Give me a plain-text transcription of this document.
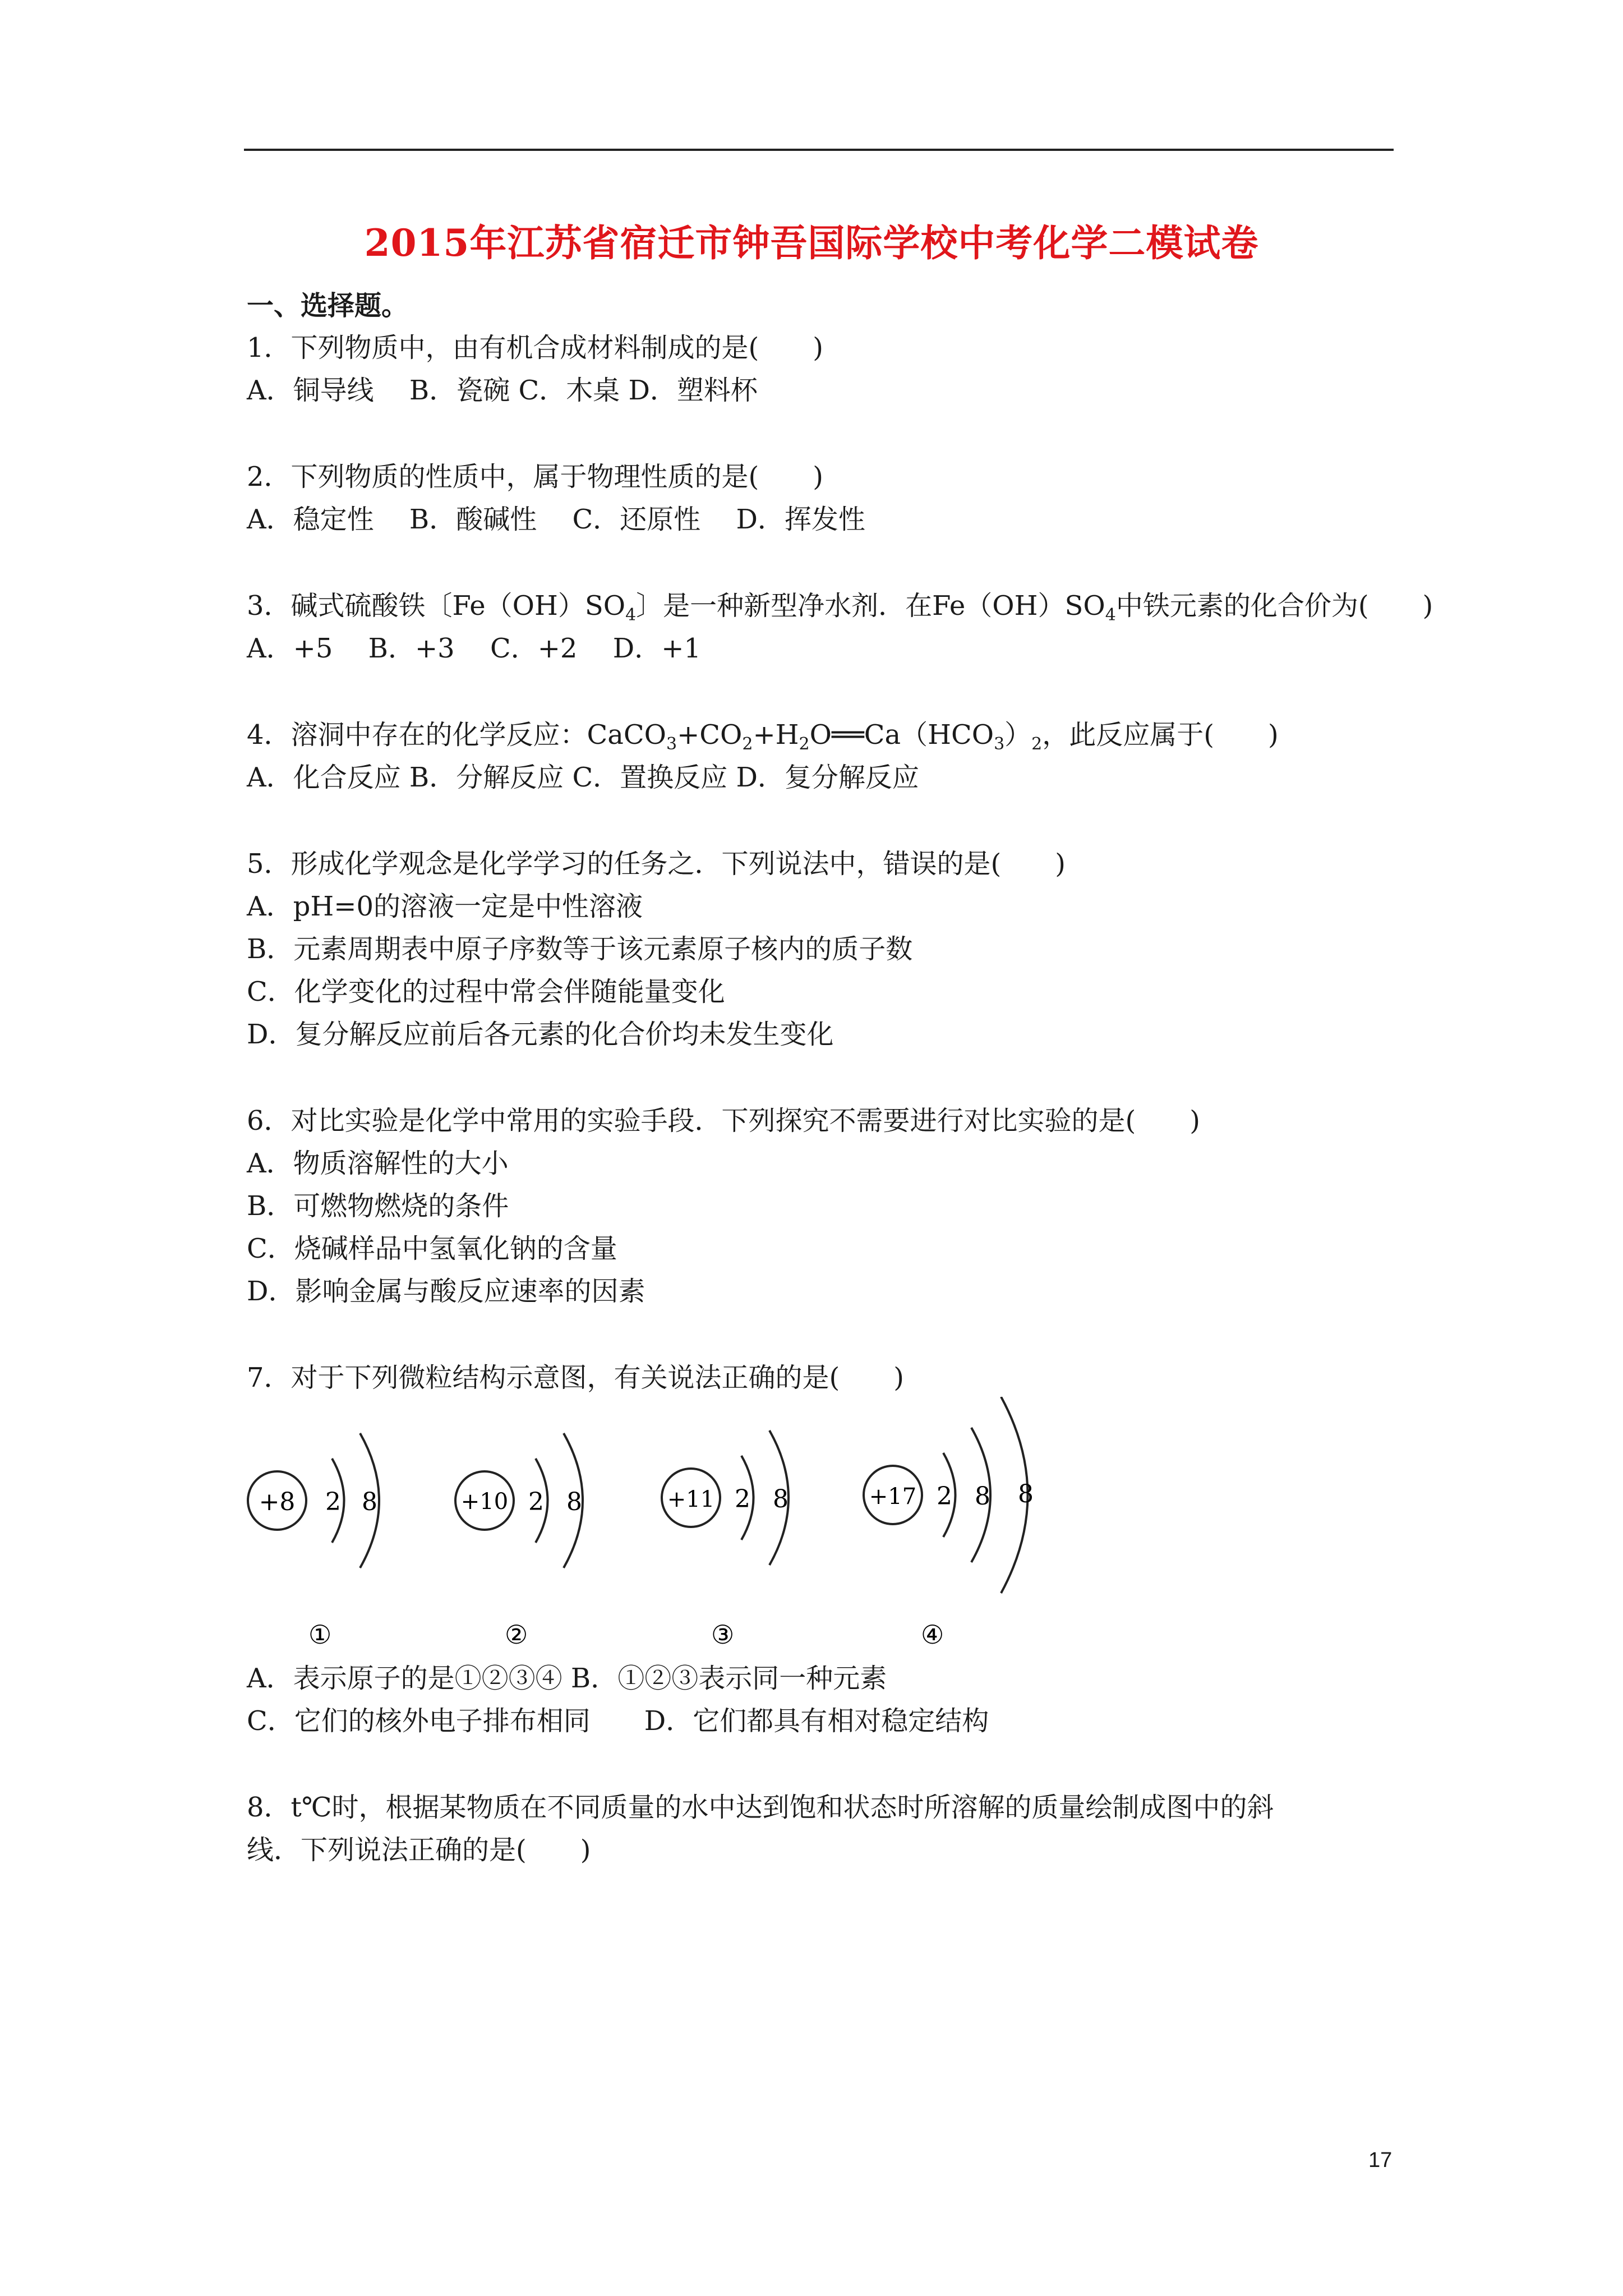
2015年江苏省宿迁市钟吾国际学校中考化学二模试卷
一、选择题。
1．下列物质中，由有机合成材料制成的是(　　)
A．铜导线　 B．瓷碗 C．木桌 D．塑料杯
2．下列物质的性质中，属于物理性质的是(　　)
A．稳定性　 B．酸碱性　 C．还原性　 D．挥发性
3．碱式硫酸铁〔$Fe(OH)SO_4$〕是一种新型净水剂．在$Fe(OH)SO_4$中铁元素的化合价为(　　)
A．+5　 B．+3　 C．+2　 D．+1
4．溶洞中存在的化学反应：$CaCO_3+CO_2+H_2O══Ca(HCO_3)_2$，此反应属于(　　)
A．化合反应 B．分解反应 C．置换反应 D．复分解反应
5．形成化学观念是化学学习的任务之．下列说法中，错误的是(　　)
A．pH=0的溶液一定是中性溶液
B．元素周期表中原子序数等于该元素原子核内的质子数
C．化学变化的过程中常会伴随能量变化
D．复分解反应前后各元素的化合价均未发生变化
6．对比实验是化学中常用的实验手段．下列探究不需要进行对比实验的是(　　)
A．物质溶解性的大小
B．可燃物燃烧的条件
C．烧碱样品中氢氧化钠的含量
D．影响金属与酸反应速率的因素
7．对于下列微粒结构示意图，有关说法正确的是(　　)
+8 2 8
①
+10 2 8
②
+11 2 8
③
+17 2 8 8
④
A．表示原子的是①②③④ B．①②③表示同一种元素
C．它们的核外电子排布相同　　D．它们都具有相对稳定结构
8．t℃时，根据某物质在不同质量的水中达到饱和状态时所溶解的质量绘制成图中的斜
线．下列说法正确的是(　　)
17
